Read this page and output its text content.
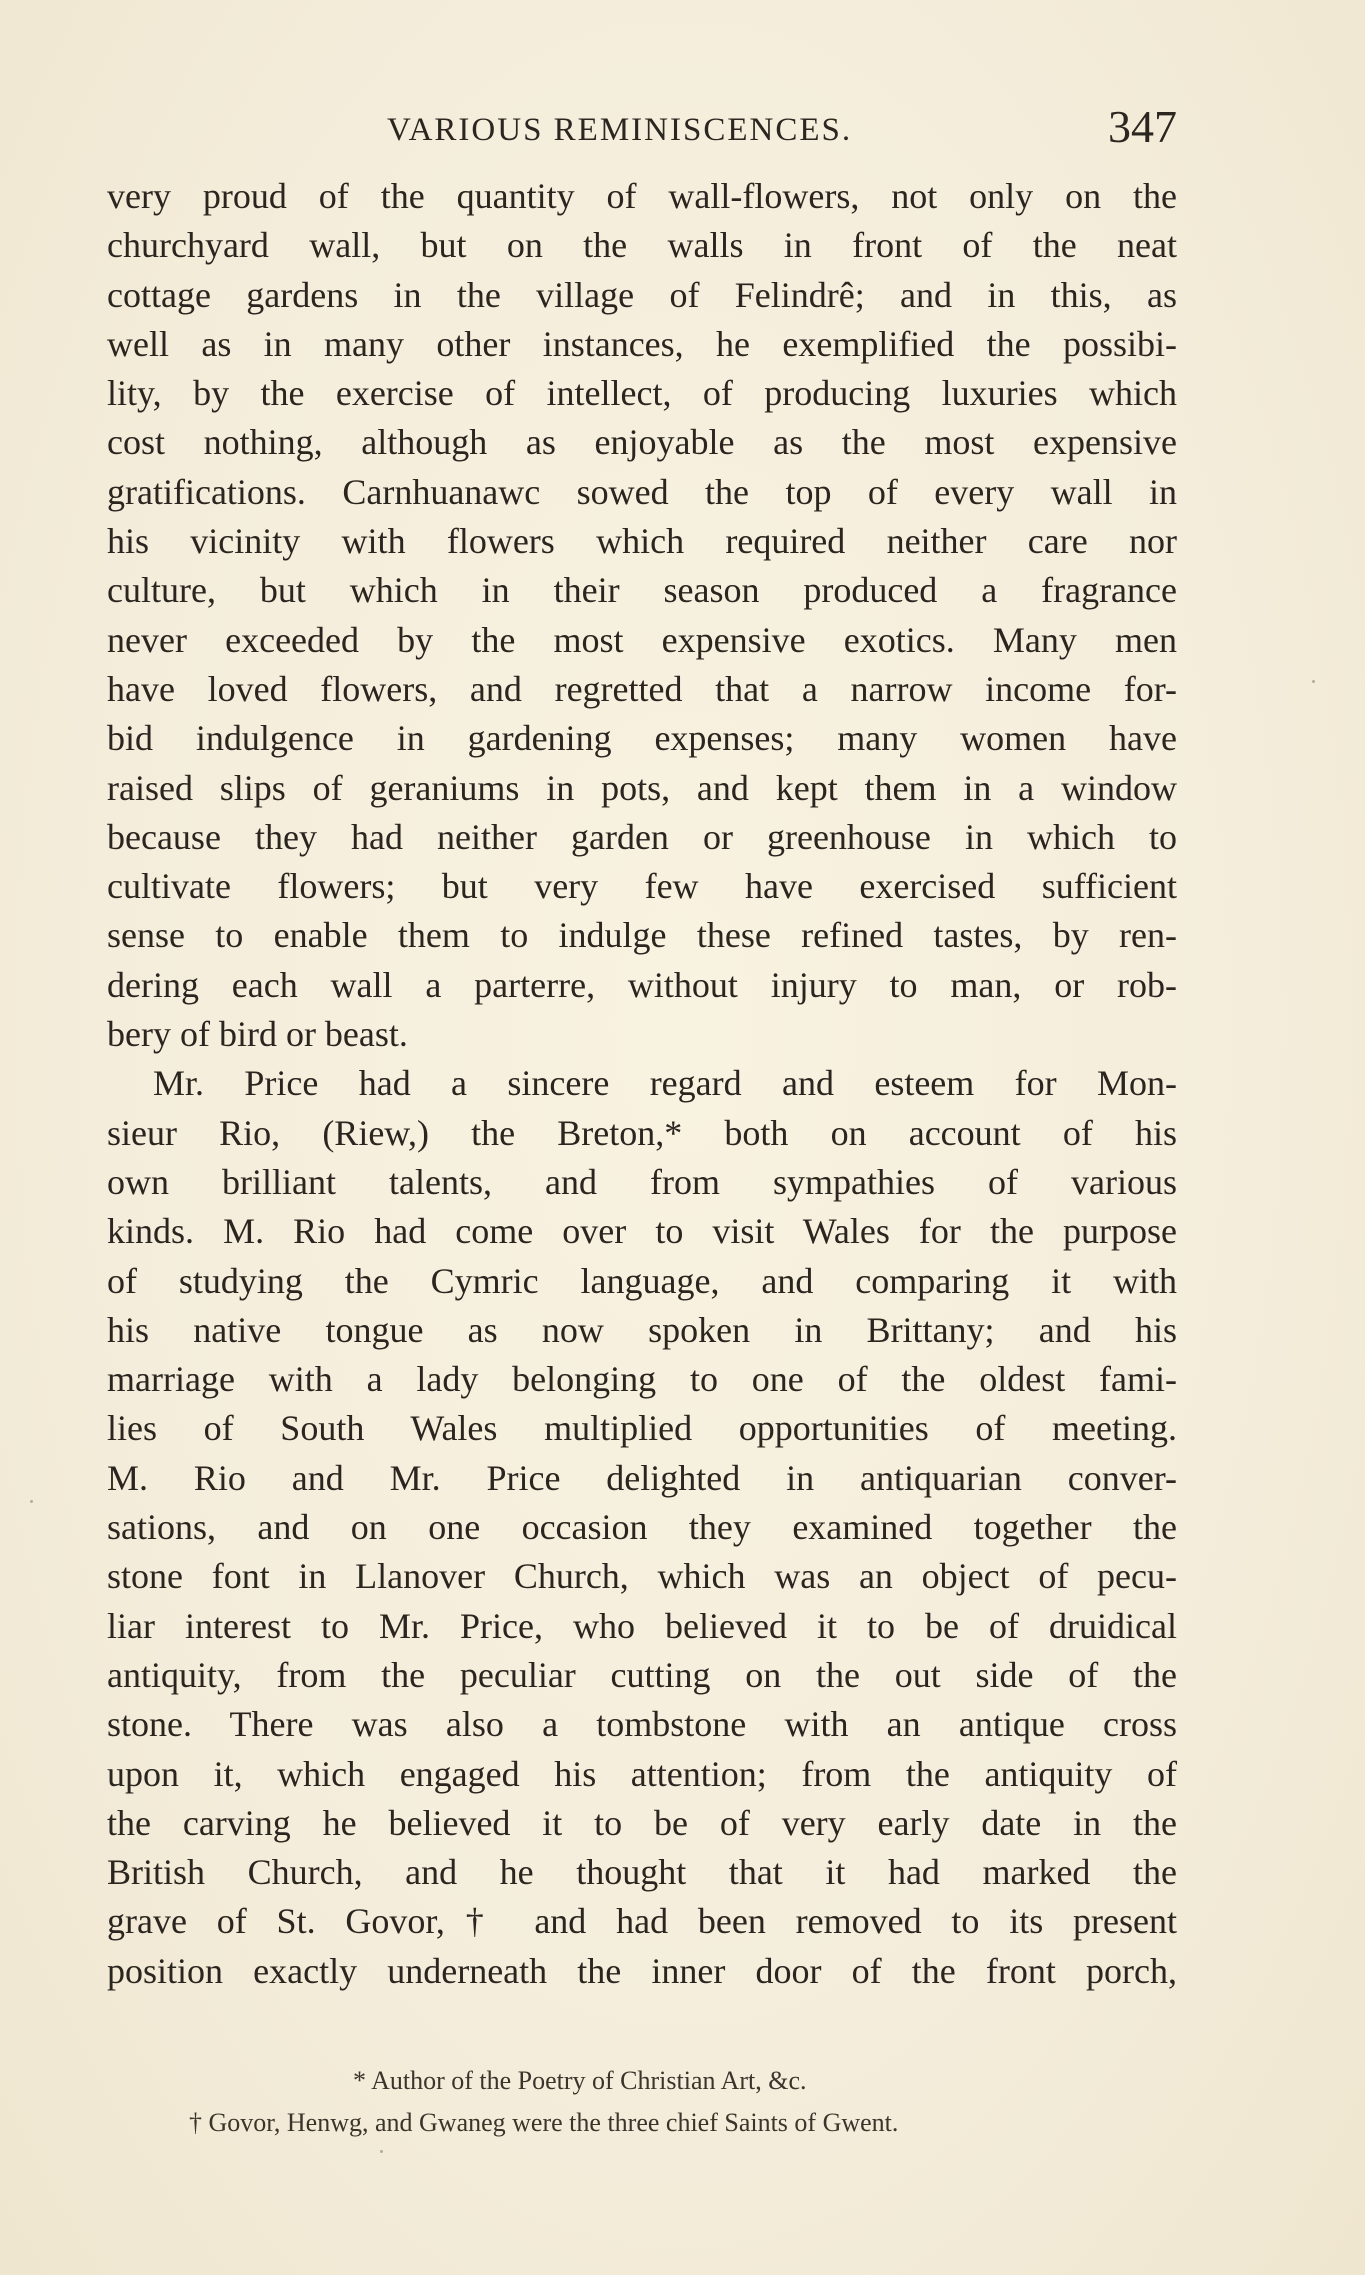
VARIOUS REMINISCENCES.	347
very proud of the quantity of wall-flowers, not only on the
churchyard wall, but on the walls in front of the neat
cottage gardens in the village of Felindrê; and in this, as
well as in many other instances, he exemplified the possibi-
lity, by the exercise of intellect, of producing luxuries which
cost nothing, although as enjoyable as the most expensive
gratifications. Carnhuanawc sowed the top of every wall in
his vicinity with flowers which required neither care nor
culture, but which in their season produced a fragrance
never exceeded by the most expensive exotics. Many men
have loved flowers, and regretted that a narrow income for-
bid indulgence in gardening expenses; many women have
raised slips of geraniums in pots, and kept them in a window
because they had neither garden or greenhouse in which to
cultivate flowers; but very few have exercised sufficient
sense to enable them to indulge these refined tastes, by ren-
dering each wall a parterre, without injury to man, or rob-
bery of bird or beast.
Mr. Price had a sincere regard and esteem for Mon-
sieur Rio, (Riew,) the Breton,* both on account of his
own brilliant talents, and from sympathies of various
kinds. M. Rio had come over to visit Wales for the purpose
of studying the Cymric language, and comparing it with
his native tongue as now spoken in Brittany; and his
marriage with a lady belonging to one of the oldest fami-
lies of South Wales multiplied opportunities of meeting.
M. Rio and Mr. Price delighted in antiquarian conver-
sations, and on one occasion they examined together the
stone font in Llanover Church, which was an object of pecu-
liar interest to Mr. Price, who believed it to be of druidical
antiquity, from the peculiar cutting on the out side of the
stone. There was also a tombstone with an antique cross
upon it, which engaged his attention; from the antiquity of
the carving he believed it to be of very early date in the
British Church, and he thought that it had marked the
grave of St. Govor,† and had been removed to its present
position exactly underneath the inner door of the front porch,
* Author of the Poetry of Christian Art, &c.
† Govor, Henwg, and Gwaneg were the three chief Saints of Gwent.
